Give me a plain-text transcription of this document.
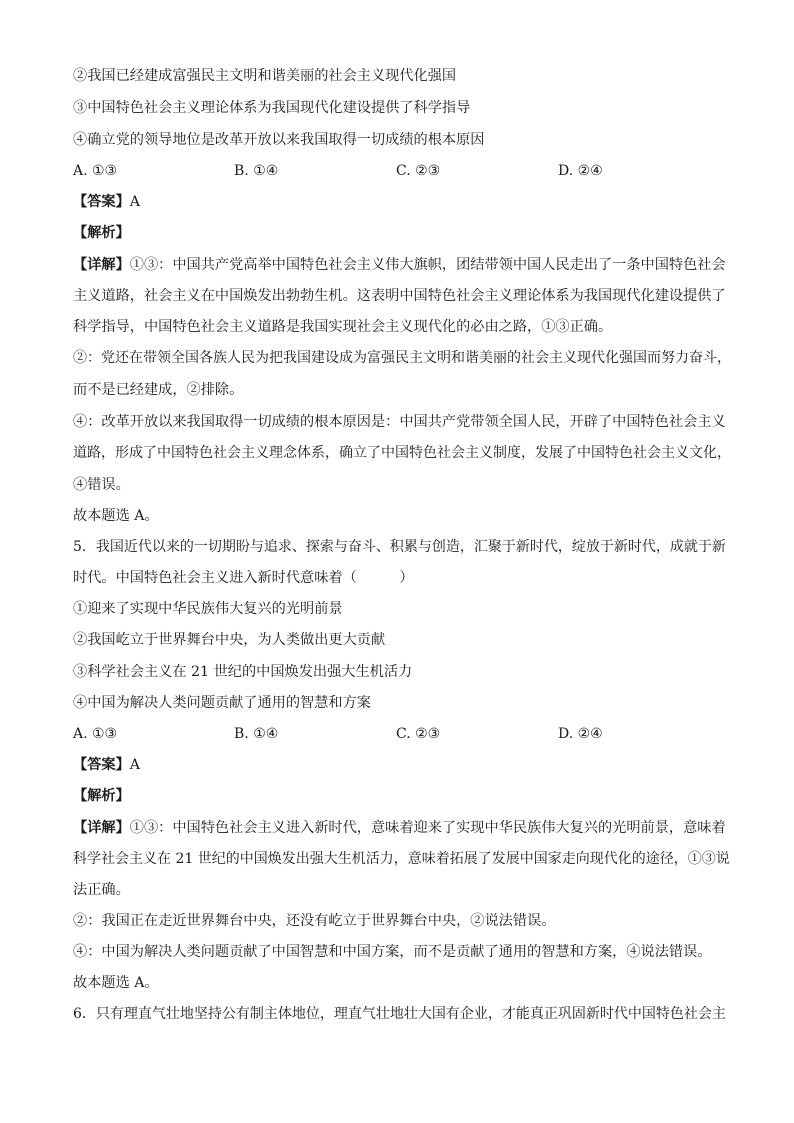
②我国已经建成富强民主文明和谐美丽的社会主义现代化强国
③中国特色社会主义理论体系为我国现代化建设提供了科学指导
④确立党的领导地位是改革开放以来我国取得一切成绩的根本原因
A. ①③	B. ①④	C. ②③	D. ②④
【答案】A
【解析】
【详解】①③：中国共产党高举中国特色社会主义伟大旗帜，团结带领中国人民走出了一条中国特色社会
主义道路，社会主义在中国焕发出勃勃生机。这表明中国特色社会主义理论体系为我国现代化建设提供了
科学指导，中国特色社会主义道路是我国实现社会主义现代化的必由之路，①③正确。
②：党还在带领全国各族人民为把我国建设成为富强民主文明和谐美丽的社会主义现代化强国而努力奋斗，
而不是已经建成，②排除。
④：改革开放以来我国取得一切成绩的根本原因是：中国共产党带领全国人民，开辟了中国特色社会主义
道路，形成了中国特色社会主义理念体系，确立了中国特色社会主义制度，发展了中国特色社会主义文化，
④错误。
故本题选 A。
5．我国近代以来的一切期盼与追求、探索与奋斗、积累与创造，汇聚于新时代，绽放于新时代，成就于新
时代。中国特色社会主义进入新时代意味着（　　　）
①迎来了实现中华民族伟大复兴的光明前景
②我国屹立于世界舞台中央，为人类做出更大贡献
③科学社会主义在 21 世纪的中国焕发出强大生机活力
④中国为解决人类问题贡献了通用的智慧和方案
A. ①③	B. ①④	C. ②③	D. ②④
【答案】A
【解析】
【详解】①③：中国特色社会主义进入新时代，意味着迎来了实现中华民族伟大复兴的光明前景，意味着
科学社会主义在 21 世纪的中国焕发出强大生机活力，意味着拓展了发展中国家走向现代化的途径，①③说
法正确。
②：我国正在走近世界舞台中央，还没有屹立于世界舞台中央，②说法错误。
④：中国为解决人类问题贡献了中国智慧和中国方案，而不是贡献了通用的智慧和方案，④说法错误。
故本题选 A。
6．只有理直气壮地坚持公有制主体地位，理直气壮地壮大国有企业，才能真正巩固新时代中国特色社会主
